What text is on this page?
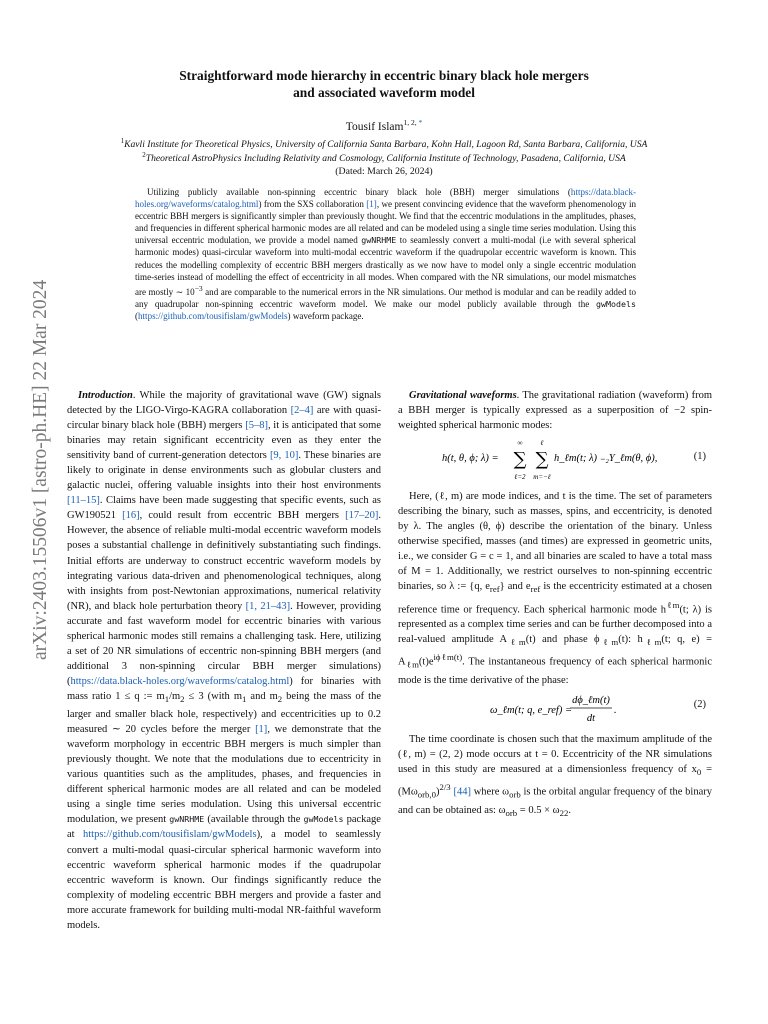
arXiv:2403.15506v1 [astro-ph.HE] 22 Mar 2024
Straightforward mode hierarchy in eccentric binary black hole mergers
and associated waveform model
Tousif Islam$^{1, 2, *}$
$^1$Kavli Institute for Theoretical Physics, University of California Santa Barbara, Kohn Hall, Lagoon Rd, Santa Barbara, California, USA
$^2$Theoretical AstroPhysics Including Relativity and Cosmology, California Institute of Technology, Pasadena, California, USA
(Dated: March 26, 2024)
Utilizing publicly available non-spinning eccentric binary black hole (BBH) merger simulations (https://data.black-holes.org/waveforms/catalog.html) from the SXS collaboration [1], we present convincing evidence that the waveform phenomenology in eccentric BBH mergers is significantly simpler than previously thought. We find that the eccentric modulations in the amplitudes, phases, and frequencies in different spherical harmonic modes are all related and can be modeled using a single time series modulation. Using this universal eccentric modulation, we provide a model named gwNRHME to seamlessly convert a multi-modal (i.e with several spherical harmonic modes) quasi-circular waveform into multi-modal eccentric waveform if the quadrupolar eccentric waveform is known. This reduces the modelling complexity of eccentric BBH mergers drastically as we now have to model only a single eccentric modulation time-series instead of modelling the effect of eccentricity in all modes. When compared with the NR simulations, our model mismatches are mostly ∼ $10^{-3}$ and are comparable to the numerical errors in the NR simulations. Our method is modular and can be readily added to any quadrupolar non-spinning eccentric waveform model. We make our model publicly available through the gwModels (https://github.com/tousifislam/gwModels) waveform package.

Introduction. While the majority of gravitational wave (GW) signals detected by the LIGO-Virgo-KAGRA collaboration [2–4] are with quasi-circular binary black hole (BBH) mergers [5–8], it is anticipated that some binaries may retain significant eccentricity even as they enter the sensitivity band of current-generation detectors [9, 10]. These binaries are likely to originate in dense environments such as globular clusters and galactic nuclei, offering valuable insights into their host environments [11–15]. Claims have been made suggesting that specific events, such as GW190521 [16], could result from eccentric BBH mergers [17–20]. However, the absence of reliable multi-modal eccentric waveform models poses a substantial challenge in definitively substantiating such findings. Initial efforts are underway to construct eccentric waveform models by integrating various data-driven and phenomenological techniques, along with insights from post-Newtonian approximations, numerical relativity (NR), and black hole perturbation theory [1, 21–43]. However, providing accurate and fast waveform model for eccentric binaries with various spherical harmonic modes still remains a challenging task. Here, utilizing a set of 20 NR simulations of eccentric non-spinning BBH mergers (and additional 3 non-spinning circular BBH merger simulations) (https://data.black-holes.org/waveforms/catalog.html) for binaries with mass ratio 1 ≤ q := $m_1/m_2 \le 3$ (with $m_1$ and $m_2$ being the mass of the larger and smaller black hole, respectively) and eccentricities up to 0.2 measured ∼ 20 cycles before the merger [1], we demonstrate that the waveform morphology in eccentric BBH mergers is much simpler than previously thought. We note that the modulations due to eccentricity in various quantities such as the amplitudes, phases, and frequencies in different spherical harmonic modes are all related and can be modeled using a single time series modulation. Using this universal eccentric modulation, we present gwNRHME (available through the gwModels package at https://github.com/tousifislam/gwModels), a model to seamlessly convert a multi-modal quasi-circular spherical harmonic waveform into eccentric waveform spherical harmonic modes if the quadrupolar eccentric waveform is known. Our findings significantly reduce the complexity of modeling eccentric BBH mergers and provide a faster and more accurate framework for building multi-modal NR-faithful waveform models.

Gravitational waveforms. The gravitational radiation (waveform) from a BBH merger is typically expressed as a superposition of −2 spin-weighted spherical harmonic modes:

h(t, θ, ϕ; λ) =
∞
∑
ℓ=2
ℓ
∑
m=−ℓ
h_ℓm(t; λ) ₋₂Y_ℓm(θ, ϕ),	(1)

Here, (ℓ, m) are mode indices, and t is the time. The set of parameters describing the binary, such as masses, spins, and eccentricity, is denoted by λ. The angles (θ, ϕ) describe the orientation of the binary. Unless otherwise specified, masses (and times) are expressed in geometric units, i.e., we consider G = c = 1, and all binaries are scaled to have a total mass of M = 1. Additionally, we restrict ourselves to non-spinning eccentric binaries, so λ := {q, $e_{ref}$} and $e_{ref}$ is the eccentricity estimated at a chosen reference time or frequency. Each spherical harmonic mode $h^{\ell m}(t$; λ) is represented as a complex time series and can be further decomposed into a real-valued amplitude $A_{\ell m}(t)$ and phase $\phi_{\ell m}(t)$: $h_{\ell m}(t$; q, $e) = A_{\ell m}(t)e^{i\phi\ell m(t)}$. The instantaneous frequency of each spherical harmonic mode is the time derivative of the phase:

ω_ℓm(t; q, e_ref) =
dϕ_ℓm(t)
dt
.
(2)

The time coordinate is chosen such that the maximum amplitude of the (ℓ, m) = (2, 2) mode occurs at t = 0. Eccentricity of the NR simulations used in this study are measured at a dimensionless frequency of $x_0 = (M\omega_{orb,0})^{2/3}$ [44] where $\omega_{orb}$ is the orbital angular frequency of the binary and can be obtained as: $\omega_{orb} = 0.5 \times \omega_{22}$.
